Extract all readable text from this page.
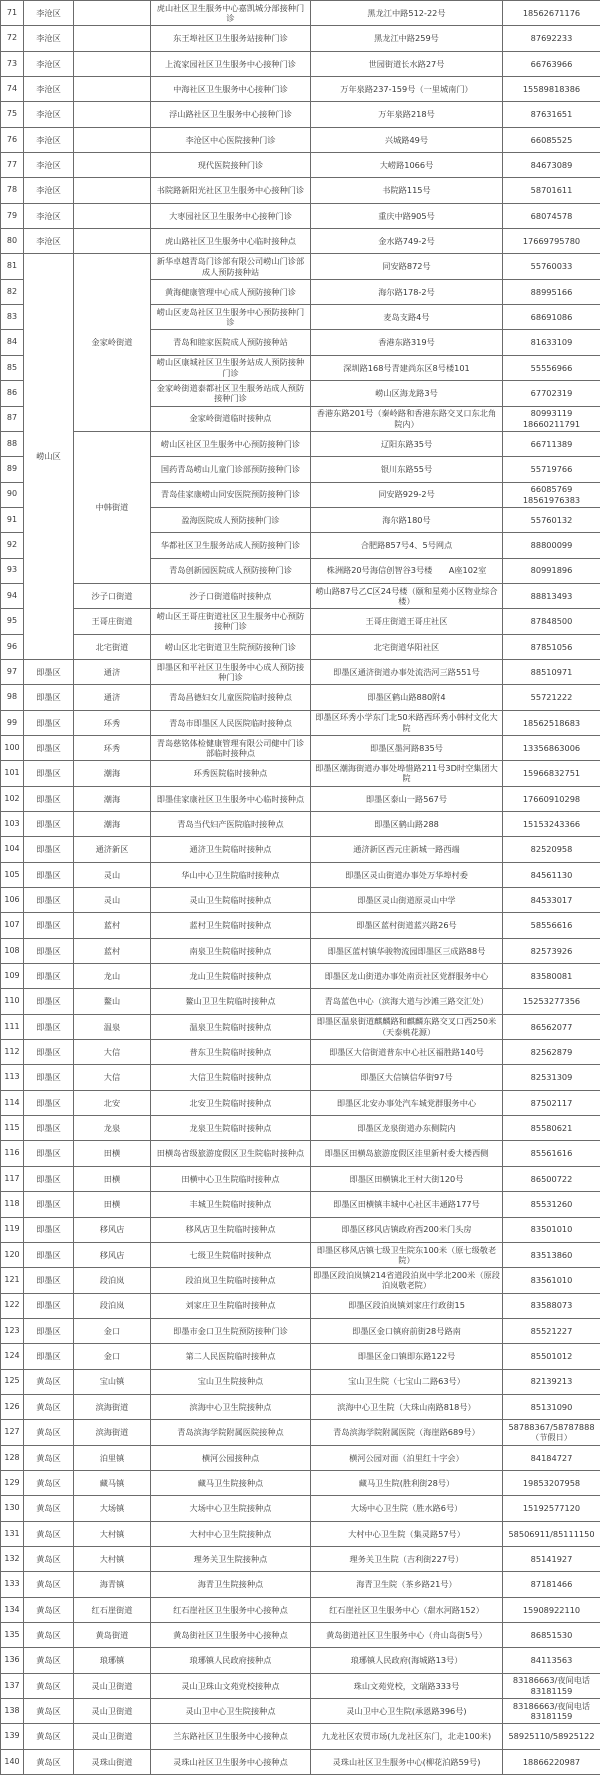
71	李沧区		虎山社区卫生服务中心嘉凯城分部接种门诊	黑龙江中路512-22号	18562671176
72	李沧区		东王埠社区卫生服务站接种门诊	黑龙江中路259号	87692233
73	李沧区		上流家园社区卫生服务中心接种门诊	世园街道长水路27号	66763966
74	李沧区		中海社区卫生服务中心接种门诊	万年泉路237-159号（一里城南门）	15589818386
75	李沧区		浮山路社区卫生服务中心接种门诊	万年泉路218号	87631651
76	李沧区		李沧区中心医院接种门诊	兴城路49号	66085525
77	李沧区		现代医院接种门诊	大崂路1066号	84673089
78	李沧区		书院路新阳光社区卫生服务中心接种门诊	书院路115号	58701611
79	李沧区		大枣园社区卫生服务中心接种门诊	重庆中路905号	68074578
80	李沧区		虎山路社区卫生服务中心临时接种点	金水路749-2号	17669795780
81	崂山区	金家岭街道	新华卓越青岛门诊部有限公司崂山门诊部成人预防接种站	同安路872号	55760033
82			黄海健康管理中心成人预防接种门诊	海尔路178-2号	88995166
83			崂山区麦岛社区卫生服务中心预防接种门诊	麦岛支路4号	68691086
84			青岛和睦家医院成人预防接种站	香港东路319号	81633109
85			崂山区康城社区卫生服务站成人预防接种门诊	深圳路168号青建尚东区8号楼101	55556966
86			金家岭街道泰都社区卫生服务站成人预防接种门诊	崂山区海龙路3号	67702319
87			金家岭街道临时接种点	香港东路201号（秦岭路和香港东路交叉口东北角院内）	80993119 18660211791
88		中韩街道	崂山区社区卫生服务中心预防接种门诊	辽阳东路35号	66711389
89			国药青岛崂山儿童门诊部预防接种门诊	银川东路55号	55719766
90			青岛佳家康崂山同安医院预防接种门诊	同安路929-2号	66085769 18561976383
91			盈海医院成人预防接种门诊	海尔路180号	55760132
92			华都社区卫生服务站成人预防接种门诊	合肥路857号4、5号网点	88800099
93			青岛创新园医院成人预防接种门诊	株洲路20号海信创智谷3号楼　　A座102室	80991896
94		沙子口街道	沙子口街道临时接种点	崂山路87号乙C区24号楼（颐和星苑小区物业综合楼）	88813493
95		王哥庄街道	崂山区王哥庄街道社区卫生服务中心预防接种门诊	王哥庄街道王哥庄社区	87848500
96		北宅街道	崂山区北宅街道卫生院预防接种门诊	北宅街道华阳社区	87851056
97	即墨区	通济	即墨区和平社区卫生服务中心成人预防接种门诊	即墨区通济街道办事处流浩河三路551号	88510971
98	即墨区	通济	青岛昌德妇女儿童医院临时接种点	即墨区鹤山路880附4	55721222
99	即墨区	环秀	青岛市即墨区人民医院临时接种点	即墨区环秀小学东门北50米路西环秀小韩村文化大院	18562518683
100	即墨区	环秀	青岛慈铭体检健康管理有限公司健中门诊部临时接种点	即墨区墨河路835号	13356863006
101	即墨区	潮海	环秀医院临时接种点	即墨区潮海街道办事处埠惜路211号3D时空集团大院	15966832751
102	即墨区	潮海	即墨佳家康社区卫生服务中心临时接种点	即墨区泰山一路567号	17660910298
103	即墨区	潮海	青岛当代妇产医院临时接种点	即墨区鹤山路288	15153243366
104	即墨区	通济新区	通济卫生院临时接种点	通济新区西元庄新城一路西端	82520958
105	即墨区	灵山	华山中心卫生院临时接种点	即墨区灵山街道办事处万华埠村委	84561130
106	即墨区	灵山	灵山卫生院临时接种点	即墨区灵山街道原灵山中学	84533017
107	即墨区	蓝村	蓝村卫生院临时接种点	即墨区蓝村街道蓝兴路26号	58556616
108	即墨区	蓝村	南泉卫生院临时接种点	即墨区蓝村镇华骏物流园即墨区三成路88号	82573926
109	即墨区	龙山	龙山卫生院临时接种点	即墨区龙山街道办事处南贡社区党群服务中心	83580081
110	即墨区	鳌山	鳌山卫卫生院临时接种点	青岛蓝色中心（滨海大道与沙滩三路交汇处）	15253277356
111	即墨区	温泉	温泉卫生院临时接种点	即墨区温泉街道麒麟路和麒麟东路交叉口西250米（天泰桃花源）	86562077
112	即墨区	大信	普东卫生院临时接种点	即墨区大信街道普东中心社区福胜路140号	82562879
113	即墨区	大信	大信卫生院临时接种点	即墨区大信镇信华街97号	82531309
114	即墨区	北安	北安卫生院临时接种点	即墨区北安办事处汽车城党群服务中心	87502117
115	即墨区	龙泉	龙泉卫生院临时接种点	即墨区龙泉街道办东侧院内	85580621
116	即墨区	田横	田横岛省级旅游度假区卫生院临时接种点	即墨区田横岛旅游度假区洼里新村委大楼西侧	85561616
117	即墨区	田横	田横中心卫生院临时接种点	即墨区田横镇北王村大街120号	86500722
118	即墨区	田横	丰城卫生院临时接种点	即墨区田横镇丰城中心社区丰通路177号	85531260
119	即墨区	移风店	移风店卫生院临时接种点	即墨区移风店镇政府西200米门头房	83501010
120	即墨区	移风店	七级卫生院临时接种点	即墨区移风店镇七级卫生院东100米（原七级敬老院）	83513860
121	即墨区	段泊岚	段泊岚卫生院临时接种点	即墨区段泊岚镇214省道段泊岚中学北200米（原段泊岚敬老院）	83561010
122	即墨区	段泊岚	刘家庄卫生院临时接种点	即墨区段泊岚镇刘家庄行政街15	83588073
123	即墨区	金口	即墨市金口卫生院预防接种门诊	即墨区金口镇府前街28号路南	85521227
124	即墨区	金口	第二人民医院临时接种点	即墨区金口镇即东路122号	85501012
125	黄岛区	宝山镇	宝山卫生院接种点	宝山卫生院（七宝山二路63号）	82139213
126	黄岛区	滨海街道	滨海中心卫生院接种点	滨海中心卫生院（大珠山南路818号）	85131090
127	黄岛区	滨海街道	青岛滨海学院附属医院接种点	青岛滨海学院附属医院（海崖路689号）	58788367/58787888（节假日）
128	黄岛区	泊里镇	横河公园接种点	横河公园对面（泊里红十字会）	84184727
129	黄岛区	藏马镇	藏马卫生院接种点	藏马卫生院(胜利街28号）	19853207958
130	黄岛区	大场镇	大场中心卫生院接种点	大场中心卫生院（胜水路6号）	15192577120
131	黄岛区	大村镇	大村中心卫生院接种点	大村中心卫生院（集灵路57号）	58506911/85111150
132	黄岛区	大村镇	理务关卫生院接种点	理务关卫生院（吉利街227号）	85141927
133	黄岛区	海青镇	海青卫生院接种点	海青卫生院（茶乡路21号）	87181466
134	黄岛区	红石崖街道	红石崖社区卫生服务中心接种点	红石崖社区卫生服务中心（甜水河路152）	15908922110
135	黄岛区	黄岛街道	黄岛街社区卫生服务中心接种点	黄岛街道社区卫生服务中心（舟山岛街5号）	86851530
136	黄岛区	琅琊镇	琅琊镇人民政府接种点	琅琊镇人民政府(海城路13号）	84113563
137	黄岛区	灵山卫街道	灵山卫珠山文苑党校接种点	珠山文苑党校，文瑞路333号	83186663/夜间电话83181159
138	黄岛区	灵山卫街道	灵山卫中心卫生院接种点	灵山卫中心卫生院(承恩路396号)	83186663/夜间电话83181159
139	黄岛区	灵山卫街道	兰东路社区卫生服务中心接种点	九龙社区农贸市场(九龙社区东门，北走100米)	58925110/58925122
140	黄岛区	灵珠山街道	灵珠山社区卫生服务中心接种点	灵珠山社区卫生服务中心(柳花泊路59号)	18866220987
